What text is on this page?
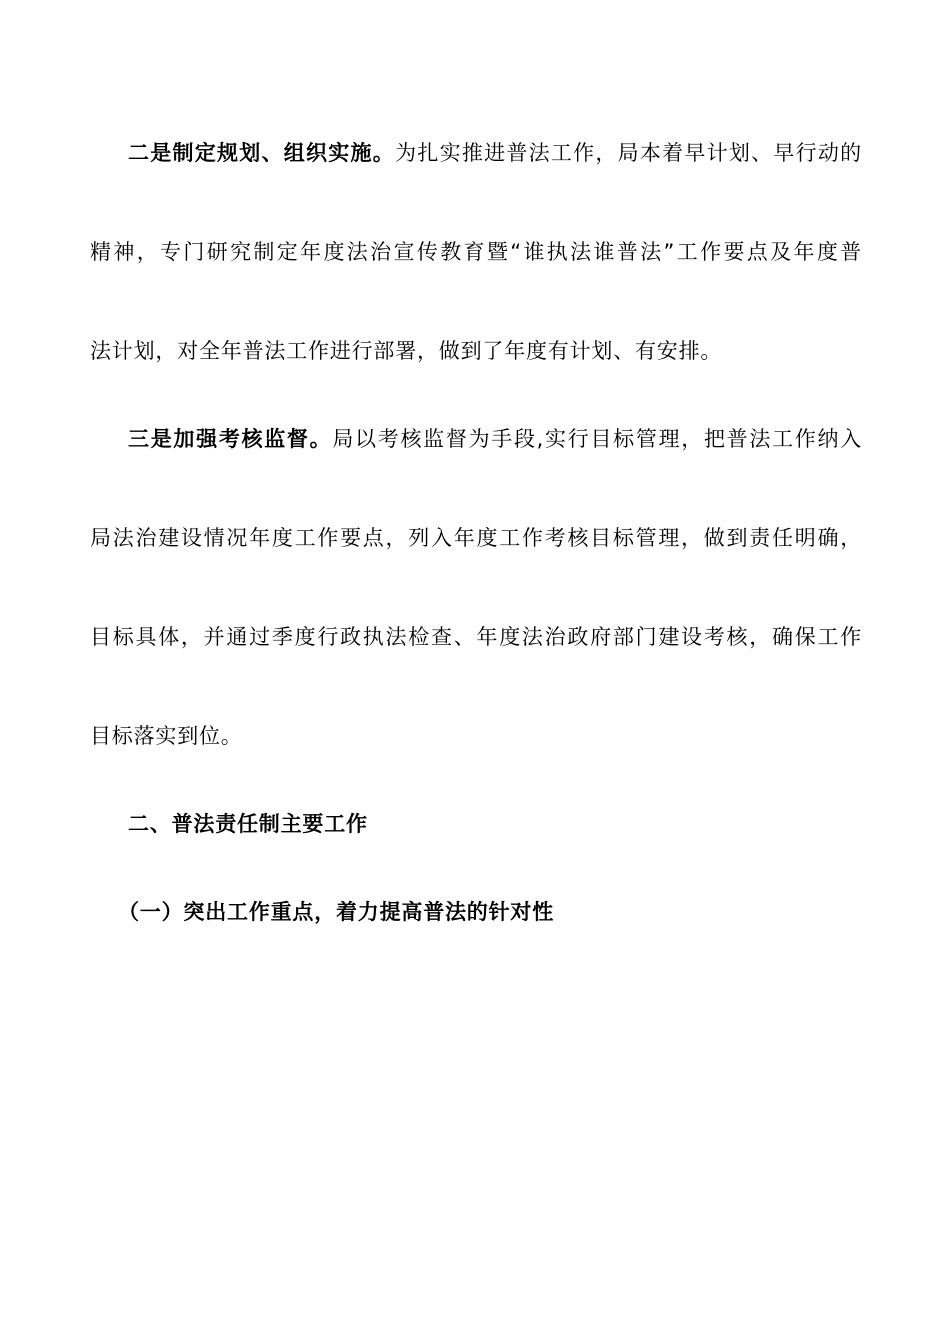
二是制定规划、组织实施。为扎实推进普法工作，局本着早计划、早行动的
精神，专门研究制定年度法治宣传教育暨“谁执法谁普法”工作要点及年度普
法计划，对全年普法工作进行部署，做到了年度有计划、有安排。
三是加强考核监督。局以考核监督为手段,实行目标管理，把普法工作纳入
局法治建设情况年度工作要点，列入年度工作考核目标管理，做到责任明确，
目标具体，并通过季度行政执法检查、年度法治政府部门建设考核，确保工作
目标落实到位。
二、普法责任制主要工作
（一）突出工作重点，着力提高普法的针对性
